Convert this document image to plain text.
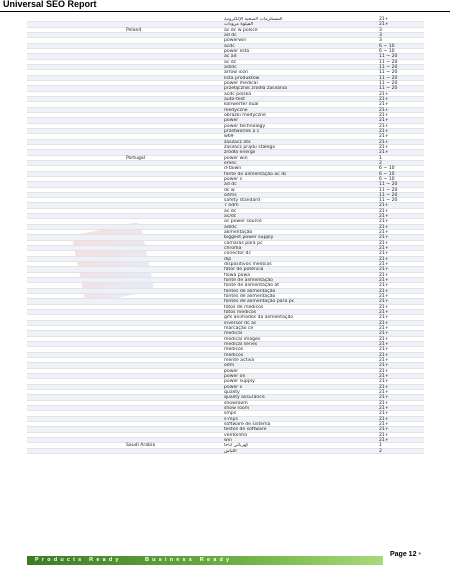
Universal SEO Report
المستلزمات الصحية الإلكترونية	21+
الفيلوة مزودات	21+
Poland	ac dc w polsce	3
ad dc	3
powerwin	3
acdc	6 ~ 10
power lista	6 ~ 10
ac ad	11 ~ 20
ac dc	11 ~ 20
ad/dc	11 ~ 20
arrow icon	11 ~ 20
lista produktów	11 ~ 20
power medical	11 ~ 20
przełącznik źródła zasilania	11 ~ 20
acdc polska	21+
auto-test	21+
konwerter dual	21+
medyczne	21+
obrazki medyczne	21+
power	21+
power technology	21+
przetwornik a c	21+
w69	21+
zasilacz atx	21+
zasilacz prądu stałego	21+
źródła energii	21+
Portugal	power win	1
emec	2
d-taiwn	6 ~ 10
fonte de alimentação ac dc	6 ~ 10
power s	6 ~ 10
ad dc	11 ~ 20
dc w	11 ~ 20
odms	11 ~ 20
safety standard	11 ~ 20
7 odm	21+
ac dc	21+
ac/dc	21+
ac power source	21+
ad/dc	21+
alimentação	21+
biggest power supply	21+
camaras para pc	21+
chroma	21+
conector dc	21+
dip	21+
dispositivos médicos	21+
fator de potência	21+
flowa powa	21+
fonte de alimentação	21+
fonte de alimentação at	21+
fontes de alimentação	21+
fontes de alimentação	21+
fontes de alimentação para pc	21+
fotos de médicos	21+
fotos medicos	21+
gifs animados da alimentação	21+
inversor dc ac	21+
marcação ce	21+
medical	21+
medical images	21+
medical series	21+
medicos	21+
médicos	21+
mente activa	21+
odm	21+
power	21+
power on	21+
power supply	21+
power x	21+
quality	21+
quality assurance	21+
showroom	21+
show room	21+
smps	21+
s-mps	21+
software de sistema	21+
testes de software	21+
ventoinha	21+
win	21+
Saudi Arabia	كهربائي أباحا	1
اللباس	2
Products Ready	Business Ready
Page 12 •
